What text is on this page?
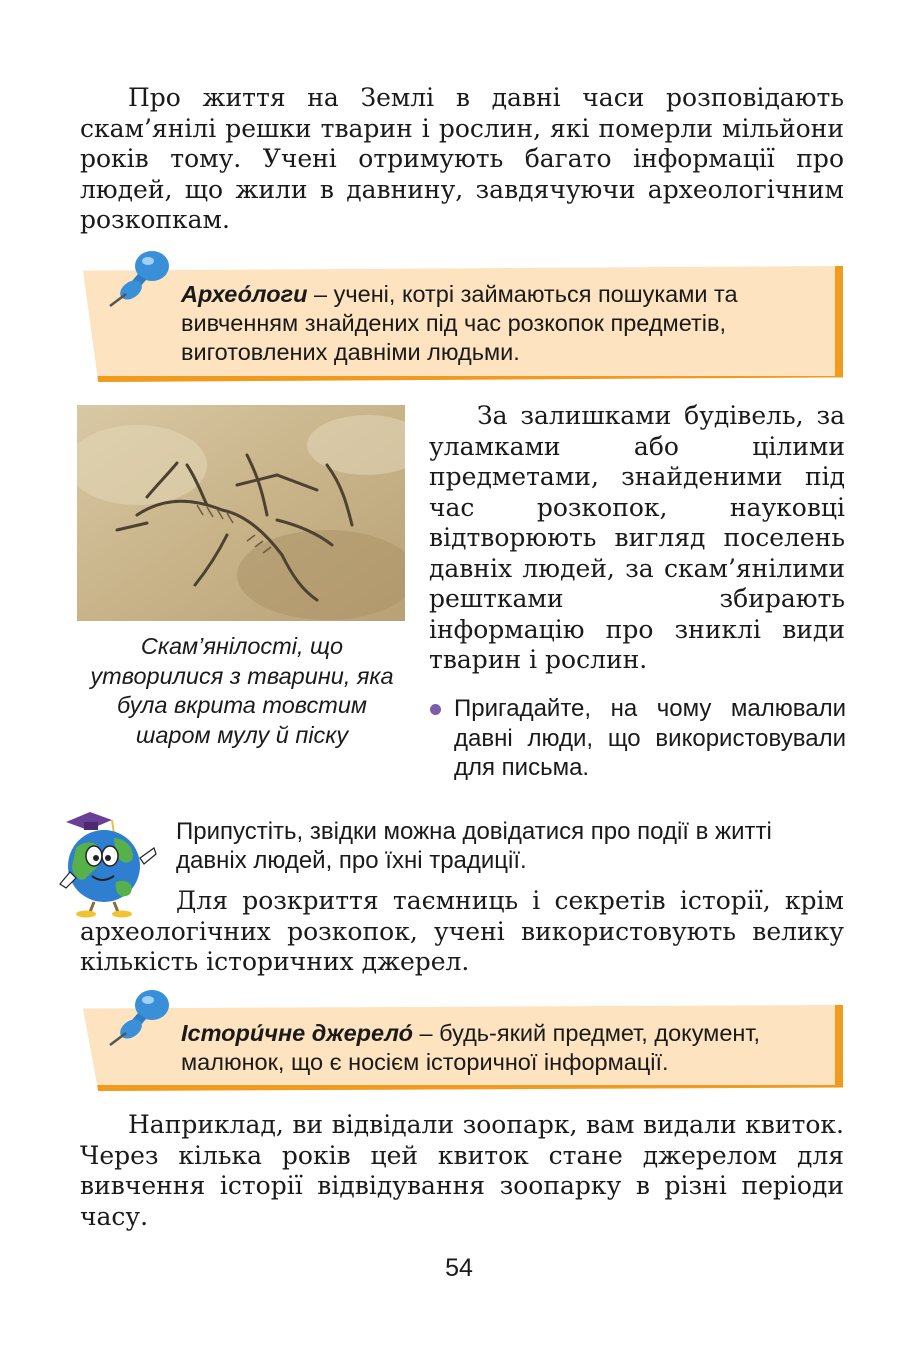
Про життя на Землі в давні часи розповідають скам’янілі решки тварин і рослин, які померли мільйони років тому. Учені отримують багато інформації про людей, що жили в давнину, завдячуючи археологічним розкопкам.

Архео́логи – учені, котрі займаються пошуками та вивченням знайдених під час розкопок предметів, виготовлених давніми людьми.

Скам’янілості, що утворилися з тварини, яка була вкрита товстим шаром мулу й піску

За залишками будівель, за уламками або цілими предметами, знайденими під час розкопок, науковці відтворюють вигляд поселень давніх людей, за скам’янілими рештками збирають інформацію про зниклі види тварин і рослин.

Пригадайте, на чому малювали давні люди, що використовували для письма.

Припустіть, звідки можна довідатися про події в житті давніх людей, про їхні традиції.

Для розкриття таємниць і секретів історії, крім археологічних розкопок, учені використовують велику кількість історичних джерел.

Істори́чне джерело́ – будь-який предмет, документ, малюнок, що є носієм історичної інформації.

Наприклад, ви відвідали зоопарк, вам видали квиток. Через кілька років цей квиток стане джерелом для вивчення історії відвідування зоопарку в різні періоди часу.

54
